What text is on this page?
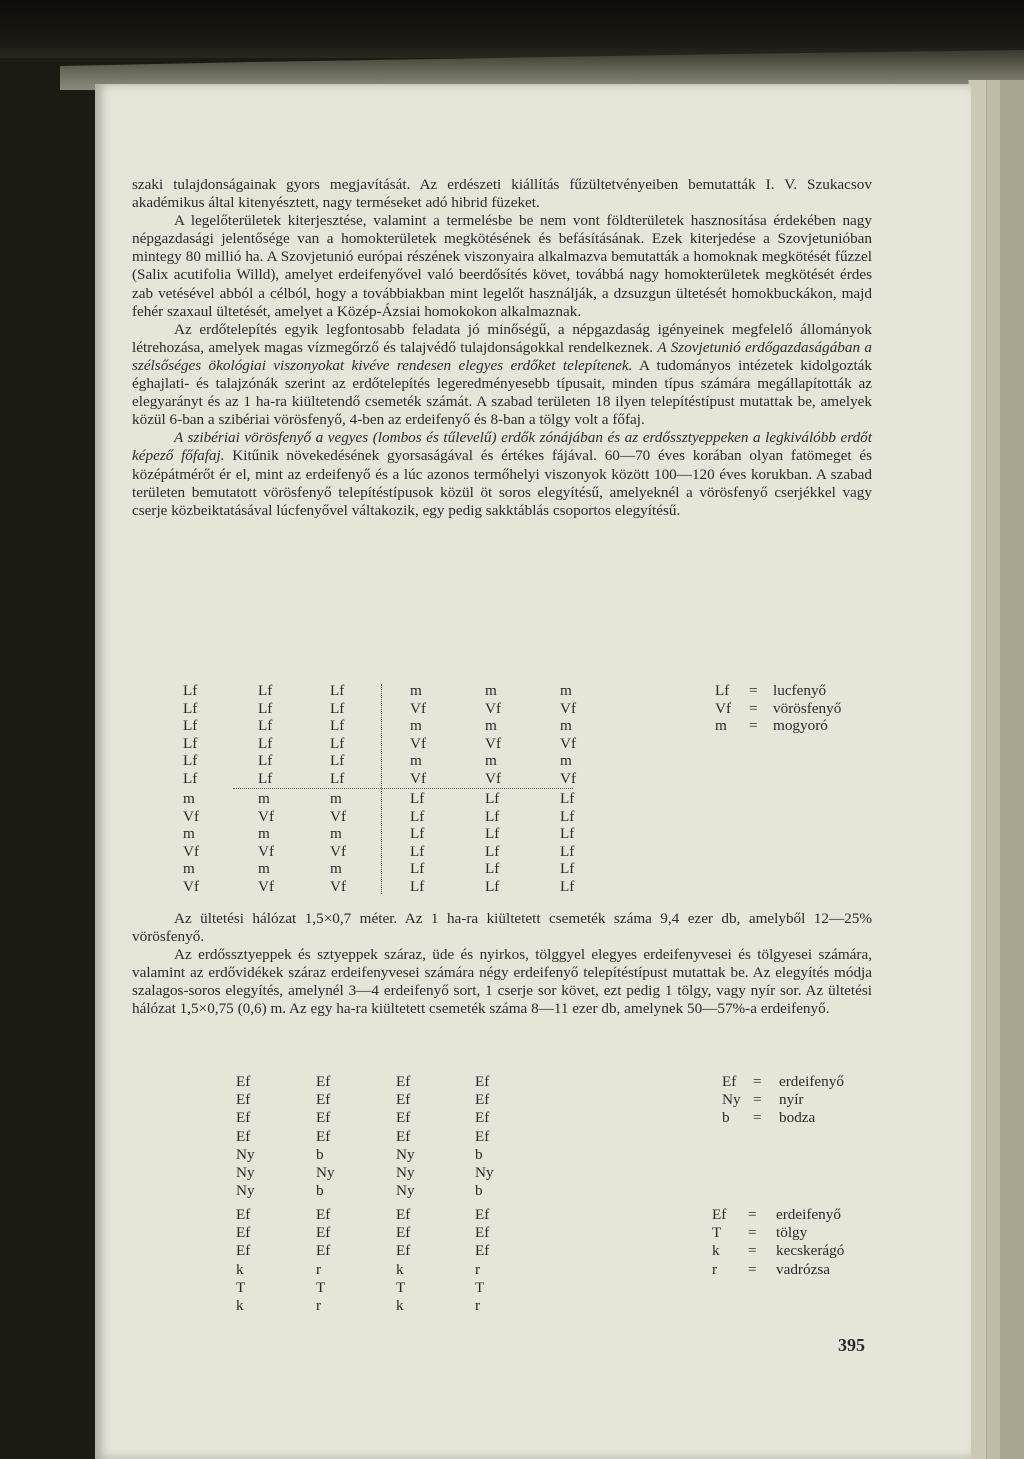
szaki tulajdonságainak gyors megjavítását. Az erdészeti kiállítás fűzültetvényeiben bemutatták I. V. Szukacsov akadémikus által kitenyésztett, nagy termésеket adó hibrid füzeket.

A legelőterületek kiterjesztése, valamint a termelésbe be nem vont földterületek hasznosítása érdekében nagy népgazdasági jelentősége van a homokterületek megkötésének és befásításának. Ezek kiterjedése a Szovjetunióban mintegy 80 millió ha. A Szovjetunió európai részének viszonyaira alkalmazva bemutatták a homoknak megkötését fűzzel (Salix acutifolia Willd), amelyet erdeifenyővel való beerdősítés követ, továbbá nagy homokterületek megkötését érdes zab vetésével abból a célból, hogy a továbbiakban mint legelőt használják, a dzsuzgun ültetését homokbuckákon, majd fehér szaxaul ültetését, amelyet a Közép-Ázsiai homokokon alkalmaznak.

Az erdőtelepítés egyik legfontosabb feladata jó minőségű, a népgazdaság igényeinek megfelelő állományok létrehozása, amelyek magas vízmegőrző és talajvédő tulajdonságokkal rendelkeznek. A Szovjetunió erdőgazdaságában a szélsőséges ökológiai viszonyokat kivéve rendesen elegyes erdőket telepítenek. A tudományos intézetek kidolgozták éghajlati- és talajzónák szerint az erdőtelepítés legeredményesebb típusait, minden típus számára megállapították az elegyarányt és az 1 ha-ra kiültetendő csemeték számát. A szabad területen 18 ilyen telepítéstípust mutattak be, amelyek közül 6-ban a szibériai vörösfenyő, 4-ben az erdeifenyő és 8-ban a tölgy volt a főfaj.

A szibériai vörösfenyő a vegyes (lombos és tűlevelű) erdők zónájában és az erdőssztyeppeken a legkiválóbb erdőt képező főfafaj. Kitűnik növekedésének gyorsaságával és értékes fájával. 60—70 éves korában olyan fatömeget és középátmérőt ér el, mint az erdeifenyő és a lúc azonos termőhelyi viszonyok között 100—120 éves korukban. A szabad területen bemutatott vörösfenyő telepítéstípusok közül öt soros elegyítésű, amelyeknél a vörösfenyő cserjékkel vagy cserje közbeiktatásával lúcfenyővel váltakozik, egy pedig sakktáblás csoportos elegyítésű.

Lf	Lf	Lf	m	m	m
Lf	Lf	Lf	Vf	Vf	Vf
Lf	Lf	Lf	m	m	m
Lf	Lf	Lf	Vf	Vf	Vf
Lf	Lf	Lf	m	m	m
Lf	Lf	Lf	Vf	Vf	Vf
m	m	m	Lf	Lf	Lf
Vf	Vf	Vf	Lf	Lf	Lf
m	m	m	Lf	Lf	Lf
Vf	Vf	Vf	Lf	Lf	Lf
m	m	m	Lf	Lf	Lf
Vf	Vf	Vf	Lf	Lf	Lf
Lf = lucfenyő
Vf = vörösfenyő
m = mogyoró
Ef	Ef	Ef	Ef
Ef	Ef	Ef	Ef
Ef	Ef	Ef	Ef
Ef	Ef	Ef	Ef
Ny	b	Ny	b
Ny	Ny	Ny	Ny
Ny	b	Ny	b
Ef = erdeifenyő
Ny = nyír
b = bodza
Ef	Ef	Ef	Ef
Ef	Ef	Ef	Ef
Ef	Ef	Ef	Ef
k	r	k	r
T	T	T	T
k	r	k	r
Ef = erdeifenyő
T = tölgy
k = kecskerágó
r = vadrózsa

Az ültetési hálózat 1,5×0,7 méter. Az 1 ha-ra kiültetett csemeték száma 9,4 ezer db, amelyből 12—25% vörösfenyő.

Az erdőssztyeppek és sztyeppek száraz, üde és nyirkos, tölggyel elegyes erdeifenyvesei és tölgyesei számára, valamint az erdővidékek száraz erdeifenyvesei számára négy erdeifenyő telepítéstípust mutattak be. Az elegyítés módja szalagos-soros elegyítés, amelynél 3—4 erdeifenyő sort, 1 cserje sor követ, ezt pedig 1 tölgy, vagy nyír sor. Az ültetési hálózat 1,5×0,75 (0,6) m. Az egy ha-ra kiültetett csemeték száma 8—11 ezer db, amelynek 50—57%-a erdeifenyő.

395
